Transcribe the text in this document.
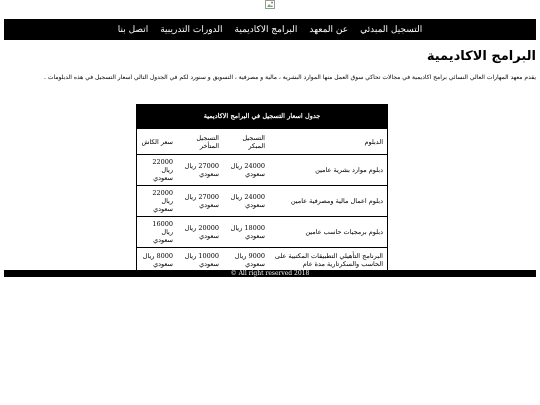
التسجيل المبدئي
عن المعهد
البرامج الاكاديمية
الدورات التدريبية
اتصل بنا
البرامج الاكاديمية

يقدم معهد المهارات العالي النسائي برامج اكاديمية في مجالات تحاكي سوق العمل منها الموارد البشرية ، مالية و مصرفية ، التسويق و سنورد لكم في الجدول التالي اسعار التسجيل في هذه الدبلومات .

جدول اسعار التسجيل في البرامج الاكاديمية
الدبلوم	التسجيل المبكر	التسجيل المتأخر	سعر الكاش
دبلوم موارد بشرية عامين	24000 ريال سعودي	27000 ريال سعودي	22000 ريال سعودي
دبلوم اعمال مالية ومصرفية عامين	24000 ريال سعودي	27000 ريال سعودي	22000 ريال سعودي
دبلوم برمجيات حاسب عامين	18000 ريال سعودي	20000 ريال سعودي	16000 ريال سعودي
البرنامج التأهيلي التطبيقات المكتبية على الحاسب والسكرتارية مدة عام	9000 ريال سعودي	10000 ريال سعودي	8000 ريال سعودي
© All right reserved 2018
